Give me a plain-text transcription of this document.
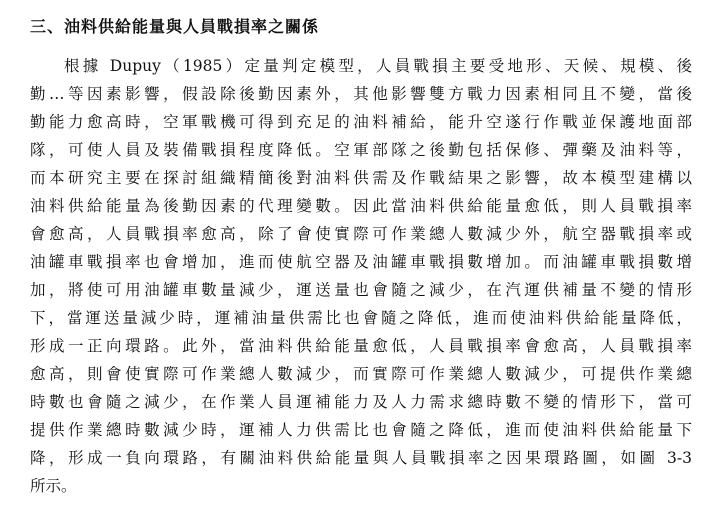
三、油料供給能量與人員戰損率之關係
根據 Dupuy（1985）定量判定模型，人員戰損主要受地形、天候、規模、後
勤…等因素影響，假設除後勤因素外，其他影響雙方戰力因素相同且不變，當後
勤能力愈高時，空軍戰機可得到充足的油料補給，能升空遂行作戰並保護地面部
隊，可使人員及裝備戰損程度降低。空軍部隊之後勤包括保修、彈藥及油料等，
而本研究主要在探討組織精簡後對油料供需及作戰結果之影響，故本模型建構以
油料供給能量為後勤因素的代理變數。因此當油料供給能量愈低，則人員戰損率
會愈高，人員戰損率愈高，除了會使實際可作業總人數減少外，航空器戰損率或
油罐車戰損率也會增加，進而使航空器及油罐車戰損數增加。而油罐車戰損數增
加，將使可用油罐車數量減少，運送量也會隨之減少，在汽運供補量不變的情形
下，當運送量減少時，運補油量供需比也會隨之降低，進而使油料供給能量降低，
形成一正向環路。此外，當油料供給能量愈低，人員戰損率會愈高，人員戰損率
愈高，則會使實際可作業總人數減少，而實際可作業總人數減少，可提供作業總
時數也會隨之減少，在作業人員運補能力及人力需求總時數不變的情形下，當可
提供作業總時數減少時，運補人力供需比也會隨之降低，進而使油料供給能量下
降，形成一負向環路，有關油料供給能量與人員戰損率之因果環路圖，如圖 3-3
所示。
